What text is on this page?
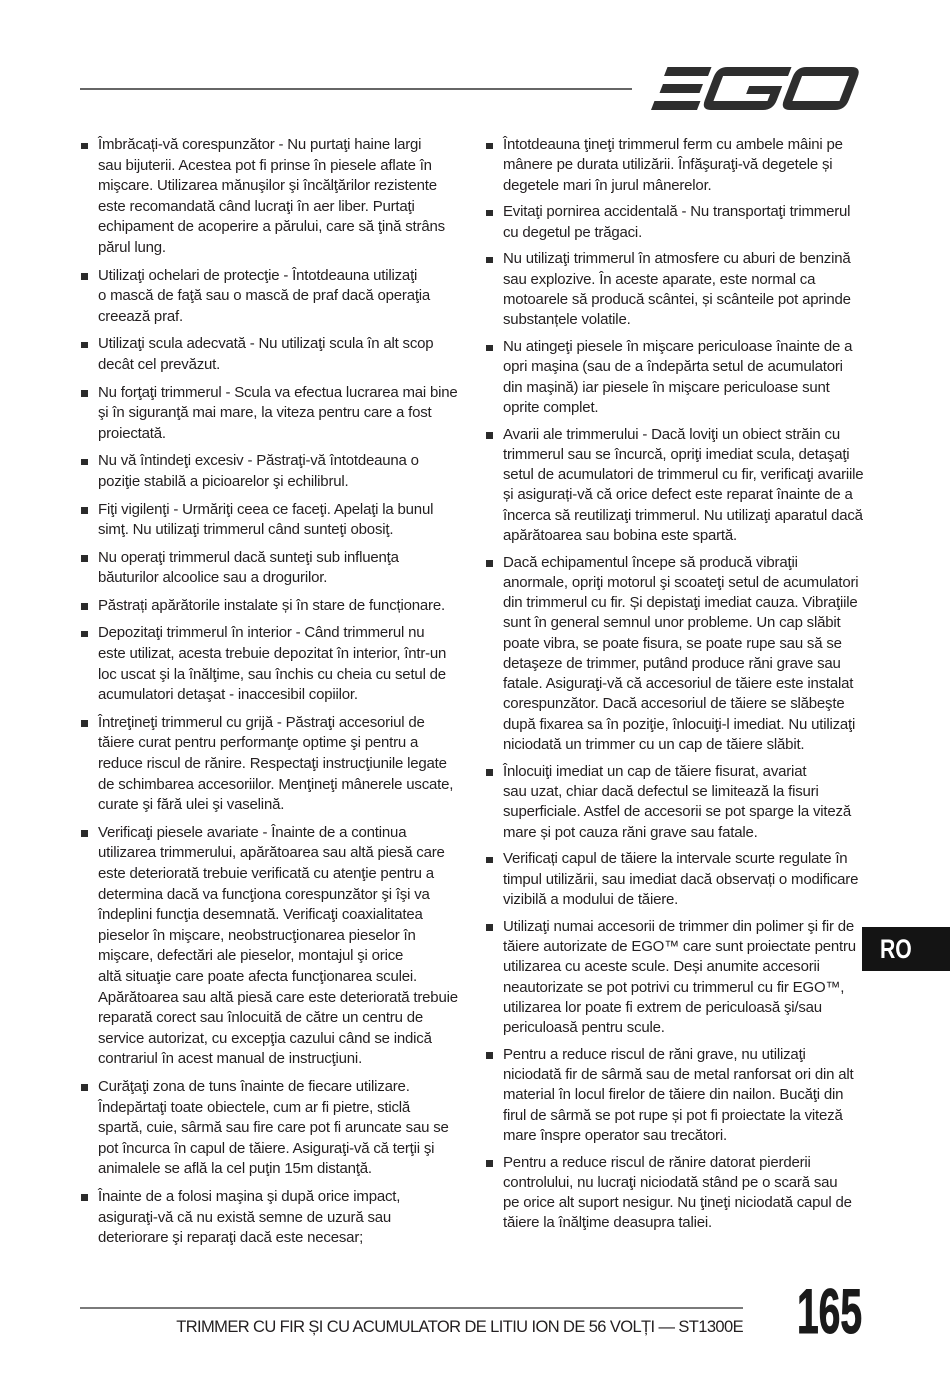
Îmbrăcați-vă corespunzător - Nu purtaţi haine largi
sau bijuterii. Acestea pot fi prinse în piesele aflate în
mişcare. Utilizarea mănuşilor şi încălţărilor rezistente
este recomandată când lucraţi în aer liber. Purtaţi
echipament de acoperire a părului, care să ţină strâns
părul lung.
Utilizaţi ochelari de protecţie - Întotdeauna utilizaţi
o mască de faţă sau o mască de praf dacă operaţia
creează praf.
Utilizaţi scula adecvată - Nu utilizaţi scula în alt scop
decât cel prevăzut.
Nu forţaţi trimmerul - Scula va efectua lucrarea mai bine
şi în siguranţă mai mare, la viteza pentru care a fost
proiectată.
Nu vă întindeţi excesiv - Păstraţi-vă întotdeauna o
poziţie stabilă a picioarelor şi echilibrul.
Fiţi vigilenţi - Urmăriţi ceea ce faceţi. Apelaţi la bunul
simţ. Nu utilizaţi trimmerul când sunteţi obosiţ.
Nu operaţi trimmerul dacă sunteţi sub influenţa
băuturilor alcoolice sau a drogurilor.
Păstrați apărătorile instalate și în stare de funcționare.
Depozitaţi trimmerul în interior - Când trimmerul nu
este utilizat, acesta trebuie depozitat în interior, într-un
loc uscat şi la înălţime, sau închis cu cheia cu setul de
acumulatori detaşat - inaccesibil copiilor.
Întreţineţi trimmerul cu grijă - Păstraţi accesoriul de
tăiere curat pentru performanţe optime şi pentru a
reduce riscul de rănire. Respectaţi instrucţiunile legate
de schimbarea accesoriilor. Menţineţi mânerele uscate,
curate şi fără ulei şi vaselină.
Verificaţi piesele avariate - Înainte de a continua
utilizarea trimmerului, apărătoarea sau altă piesă care
este deteriorată trebuie verificată cu atenţie pentru a
determina dacă va funcţiona corespunzător şi îşi va
îndeplini funcţia desemnată. Verificaţi coaxialitatea
pieselor în mişcare, neobstrucţionarea pieselor în
mişcare, defectări ale pieselor, montajul şi orice
altă situaţie care poate afecta funcţionarea sculei.
Apărătoarea sau altă piesă care este deteriorată trebuie
reparată corect sau înlocuită de către un centru de
service autorizat, cu excepţia cazului când se indică
contrariul în acest manual de instrucţiuni.
Curăţaţi zona de tuns înainte de fiecare utilizare.
Îndepărtaţi toate obiectele, cum ar fi pietre, sticlă
spartă, cuie, sârmă sau fire care pot fi aruncate sau se
pot încurca în capul de tăiere. Asiguraţi-vă că terţii şi
animalele se află la cel puţin 15m distanţă.
Înainte de a folosi maşina şi după orice impact,
asiguraţi-vă că nu există semne de uzură sau
deteriorare şi reparaţi dacă este necesar;
Întotdeauna ţineţi trimmerul ferm cu ambele mâini pe
mânere pe durata utilizării. Înfăşuraţi-vă degetele și
degetele mari în jurul mânerelor.
Evitaţi pornirea accidentală - Nu transportaţi trimmerul
cu degetul pe trăgaci.
Nu utilizaţi trimmerul în atmosfere cu aburi de benzină
sau explozive. În aceste aparate, este normal ca
motoarele să producă scântei, și scânteile pot aprinde
substanțele volatile.
Nu atingeţi piesele în mişcare periculoase înainte de a
opri maşina (sau de a îndepărta setul de acumulatori
din maşină) iar piesele în mişcare periculoase sunt
oprite complet.
Avarii ale trimmerului - Dacă loviţi un obiect străin cu
trimmerul sau se încurcă, opriţi imediat scula, detaşaţi
setul de acumulatori de trimmerul cu fir, verificaţi avariile
și asigurați-vă că orice defect este reparat înainte de a
încerca să reutilizaţi trimmerul. Nu utilizaţi aparatul dacă
apărătoarea sau bobina este spartă.
Dacă echipamentul începe să producă vibraţii
anormale, opriţi motorul şi scoateţi setul de acumulatori
din trimmerul cu fir. Și depistaţi imediat cauza. Vibraţiile
sunt în general semnul unor probleme. Un cap slăbit
poate vibra, se poate fisura, se poate rupe sau să se
detaşeze de trimmer, putând produce răni grave sau
fatale. Asiguraţi-vă că accesoriul de tăiere este instalat
corespunzător. Dacă accesoriul de tăiere se slăbeşte
după fixarea sa în poziţie, înlocuiţi-l imediat. Nu utilizaţi
niciodată un trimmer cu un cap de tăiere slăbit.
Înlocuiţi imediat un cap de tăiere fisurat, avariat
sau uzat, chiar dacă defectul se limitează la fisuri
superficiale. Astfel de accesorii se pot sparge la viteză
mare și pot cauza răni grave sau fatale.
Verificați capul de tăiere la intervale scurte regulate în
timpul utilizării, sau imediat dacă observați o modificare
vizibilă a modului de tăiere.
Utilizaţi numai accesorii de trimmer din polimer şi fir de
tăiere autorizate de EGO™ care sunt proiectate pentru
utilizarea cu aceste scule. Deși anumite accesorii
neautorizate se pot potrivi cu trimmerul cu fir EGO™,
utilizarea lor poate fi extrem de periculoasă şi/sau
periculoasă pentru scule.
Pentru a reduce riscul de răni grave, nu utilizaţi
niciodată fir de sârmă sau de metal ranforsat ori din alt
material în locul firelor de tăiere din nailon. Bucăţi din
firul de sârmă se pot rupe și pot fi proiectate la viteză
mare înspre operator sau trecători.
Pentru a reduce riscul de rănire datorat pierderii
controlului, nu lucraţi niciodată stând pe o scară sau
pe orice alt suport nesigur. Nu ţineţi niciodată capul de
tăiere la înălţime deasupra taliei.
RO
TRIMMER CU FIR ȘI CU ACUMULATOR DE LITIU ION DE 56 VOLȚI — ST1300E 165
